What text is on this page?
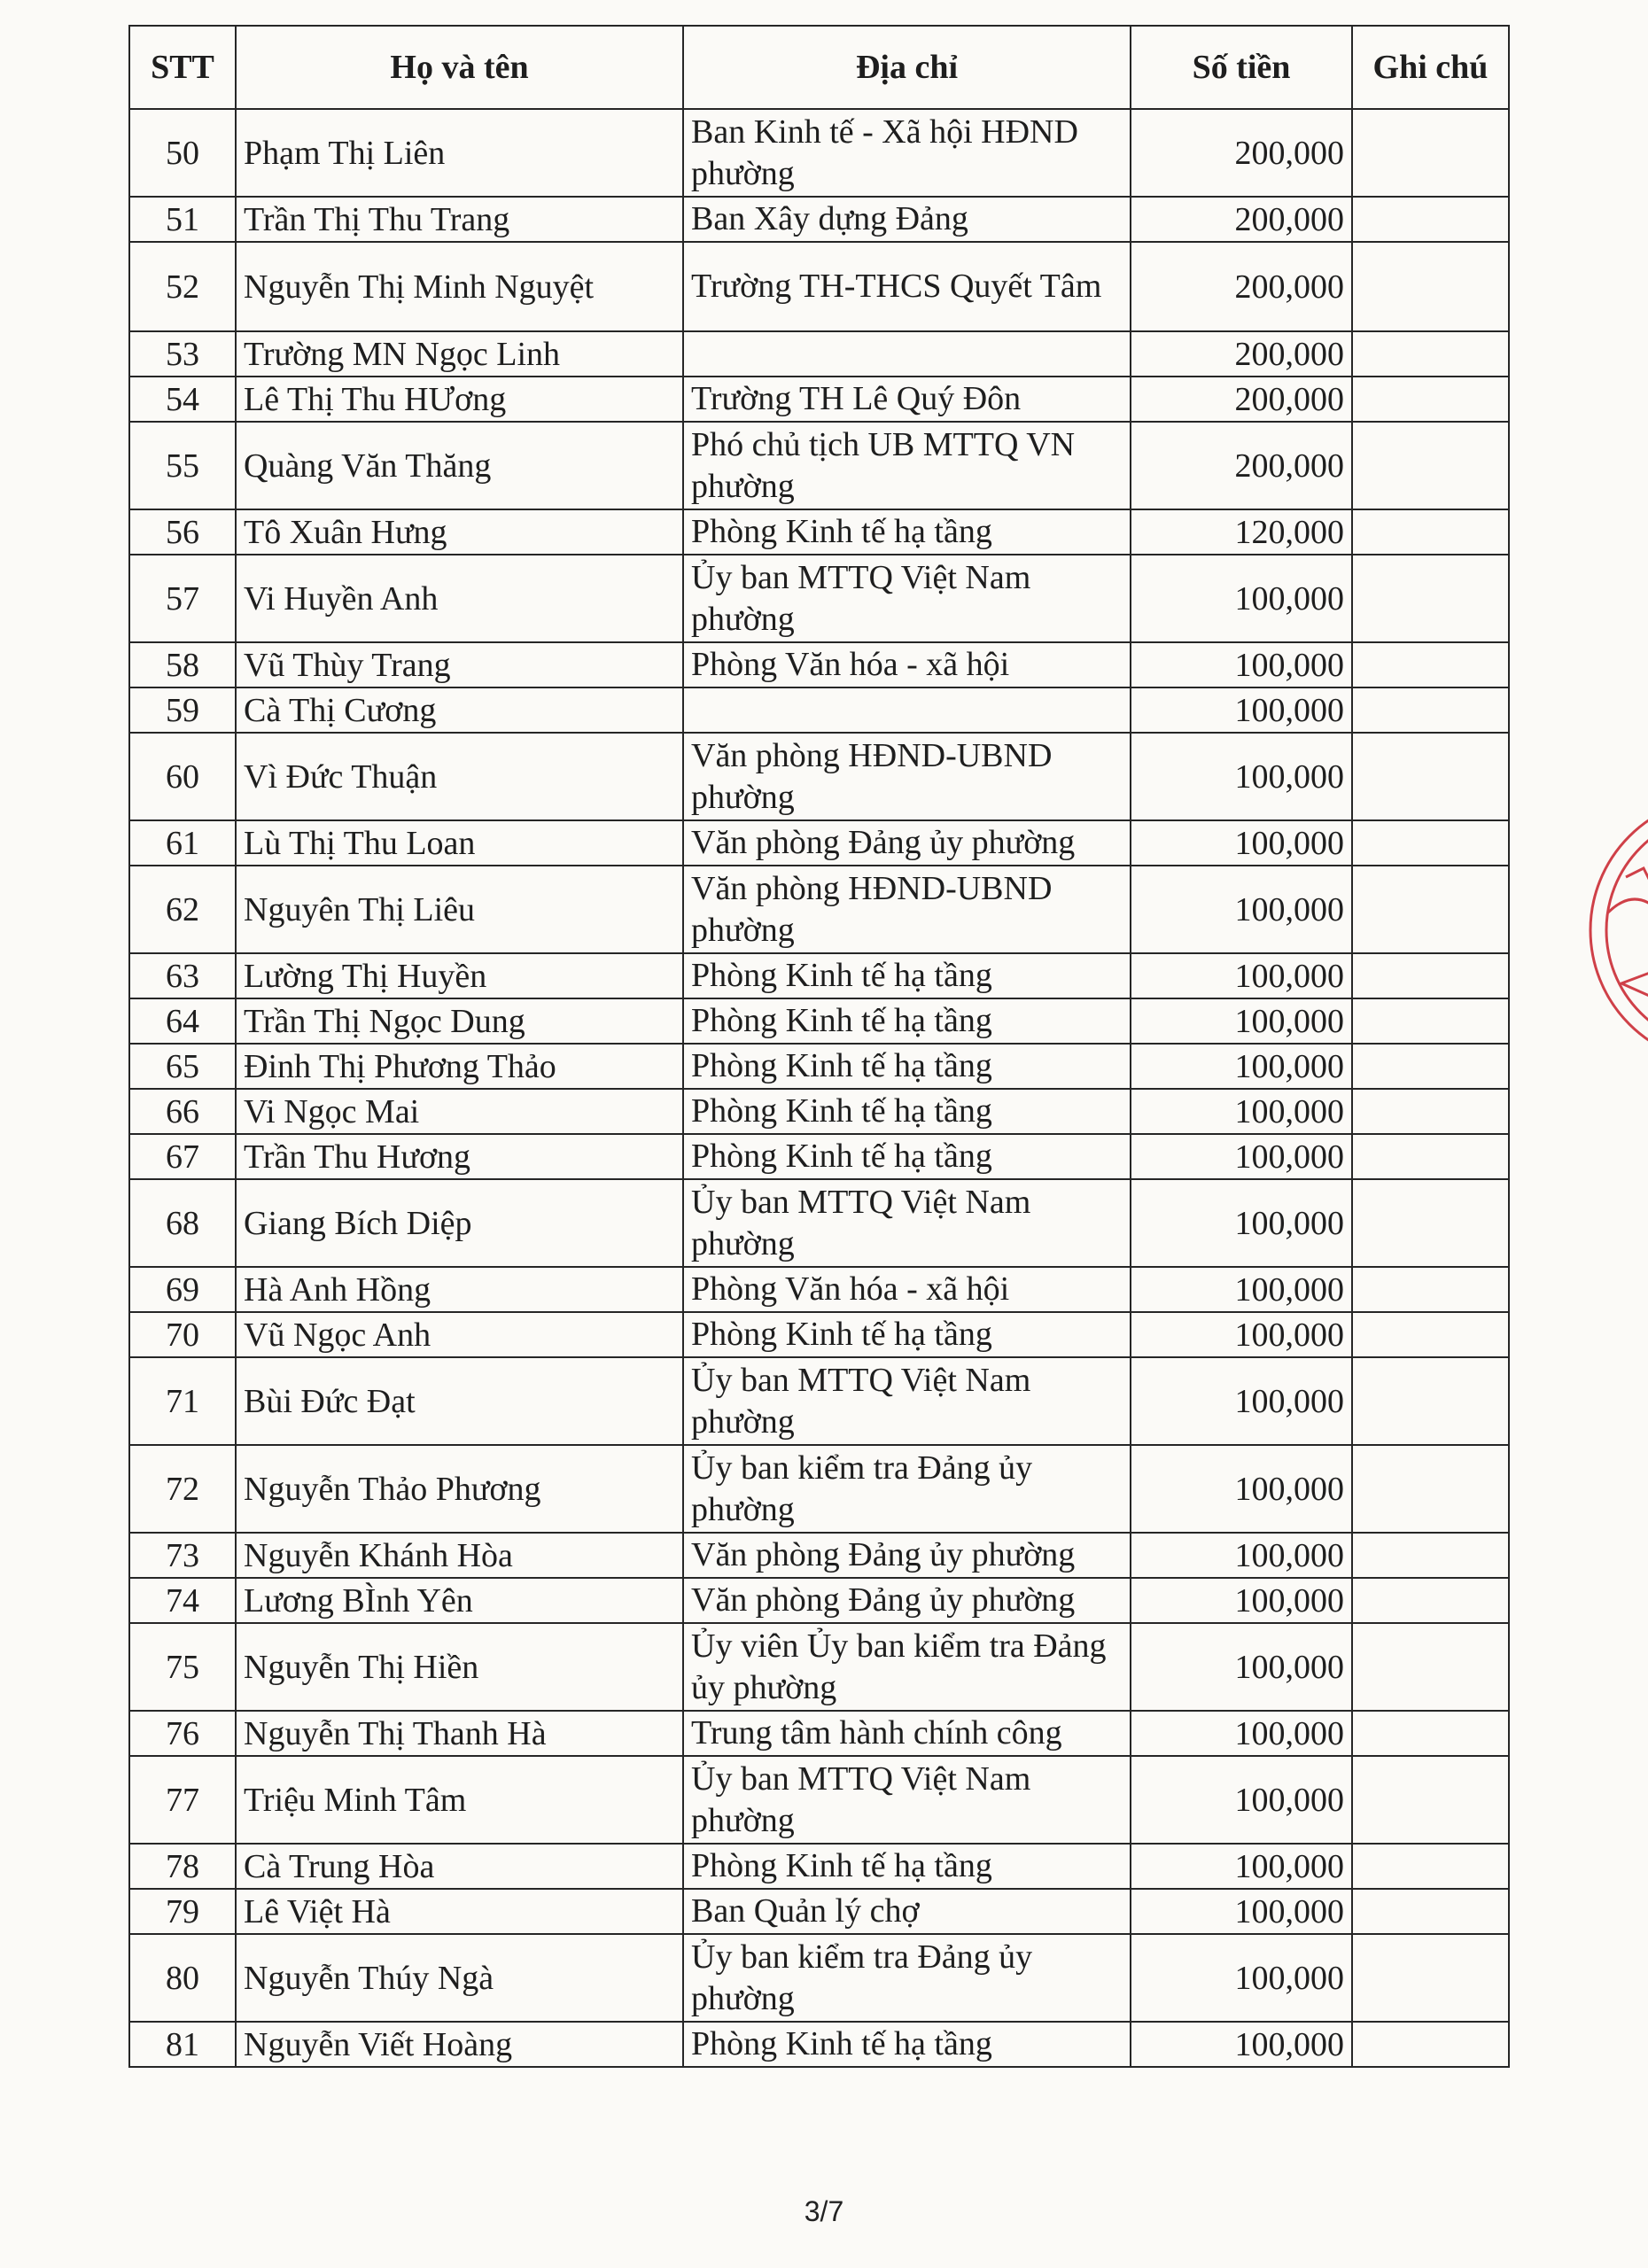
STT	Họ và tên	Địa chỉ	Số tiền	Ghi chú
50	Phạm Thị Liên	Ban Kinh tế - Xã hội HĐND phường	200,000	
51	Trần Thị Thu Trang	Ban Xây dựng Đảng	200,000	
52	Nguyễn Thị Minh Nguyệt	Trường TH-THCS Quyết Tâm	200,000	
53	Trường MN Ngọc Linh		200,000	
54	Lê Thị Thu HƯơng	Trường TH Lê Quý Đôn	200,000	
55	Quàng Văn Thăng	Phó chủ tịch UB MTTQ VN phường	200,000	
56	Tô Xuân Hưng	Phòng Kinh tế hạ tầng	120,000	
57	Vi Huyền Anh	Ủy ban MTTQ Việt Nam phường	100,000	
58	Vũ Thùy Trang	Phòng Văn hóa - xã hội	100,000	
59	Cà Thị Cương		100,000	
60	Vì Đức Thuận	Văn phòng HĐND-UBND phường	100,000	
61	Lù Thị Thu Loan	Văn phòng Đảng ủy phường	100,000	
62	Nguyên Thị Liêu	Văn phòng HĐND-UBND phường	100,000	
63	Lường Thị Huyền	Phòng Kinh tế hạ tầng	100,000	
64	Trần Thị Ngọc Dung	Phòng Kinh tế hạ tầng	100,000	
65	Đinh Thị Phương Thảo	Phòng Kinh tế hạ tầng	100,000	
66	Vi Ngọc Mai	Phòng Kinh tế hạ tầng	100,000	
67	Trần Thu Hương	Phòng Kinh tế hạ tầng	100,000	
68	Giang Bích Diệp	Ủy ban MTTQ Việt Nam phường	100,000	
69	Hà Anh Hồng	Phòng Văn hóa - xã hội	100,000	
70	Vũ Ngọc Anh	Phòng Kinh tế hạ tầng	100,000	
71	Bùi Đức Đạt	Ủy ban MTTQ Việt Nam phường	100,000	
72	Nguyễn Thảo Phương	Ủy ban kiểm tra Đảng ủy phường	100,000	
73	Nguyễn Khánh Hòa	Văn phòng Đảng ủy phường	100,000	
74	Lương BÌnh Yên	Văn phòng Đảng ủy phường	100,000	
75	Nguyễn Thị Hiền	Ủy viên Ủy ban kiểm tra Đảng ủy phường	100,000	
76	Nguyễn Thị Thanh Hà	Trung tâm hành chính công	100,000	
77	Triệu Minh Tâm	Ủy ban MTTQ Việt Nam phường	100,000	
78	Cà Trung Hòa	Phòng Kinh tế hạ tầng	100,000	
79	Lê Việt Hà	Ban Quản lý chợ	100,000	
80	Nguyễn Thúy Ngà	Ủy ban kiểm tra Đảng ủy phường	100,000	
81	Nguyễn Viết Hoàng	Phòng Kinh tế hạ tầng	100,000	
3/7
